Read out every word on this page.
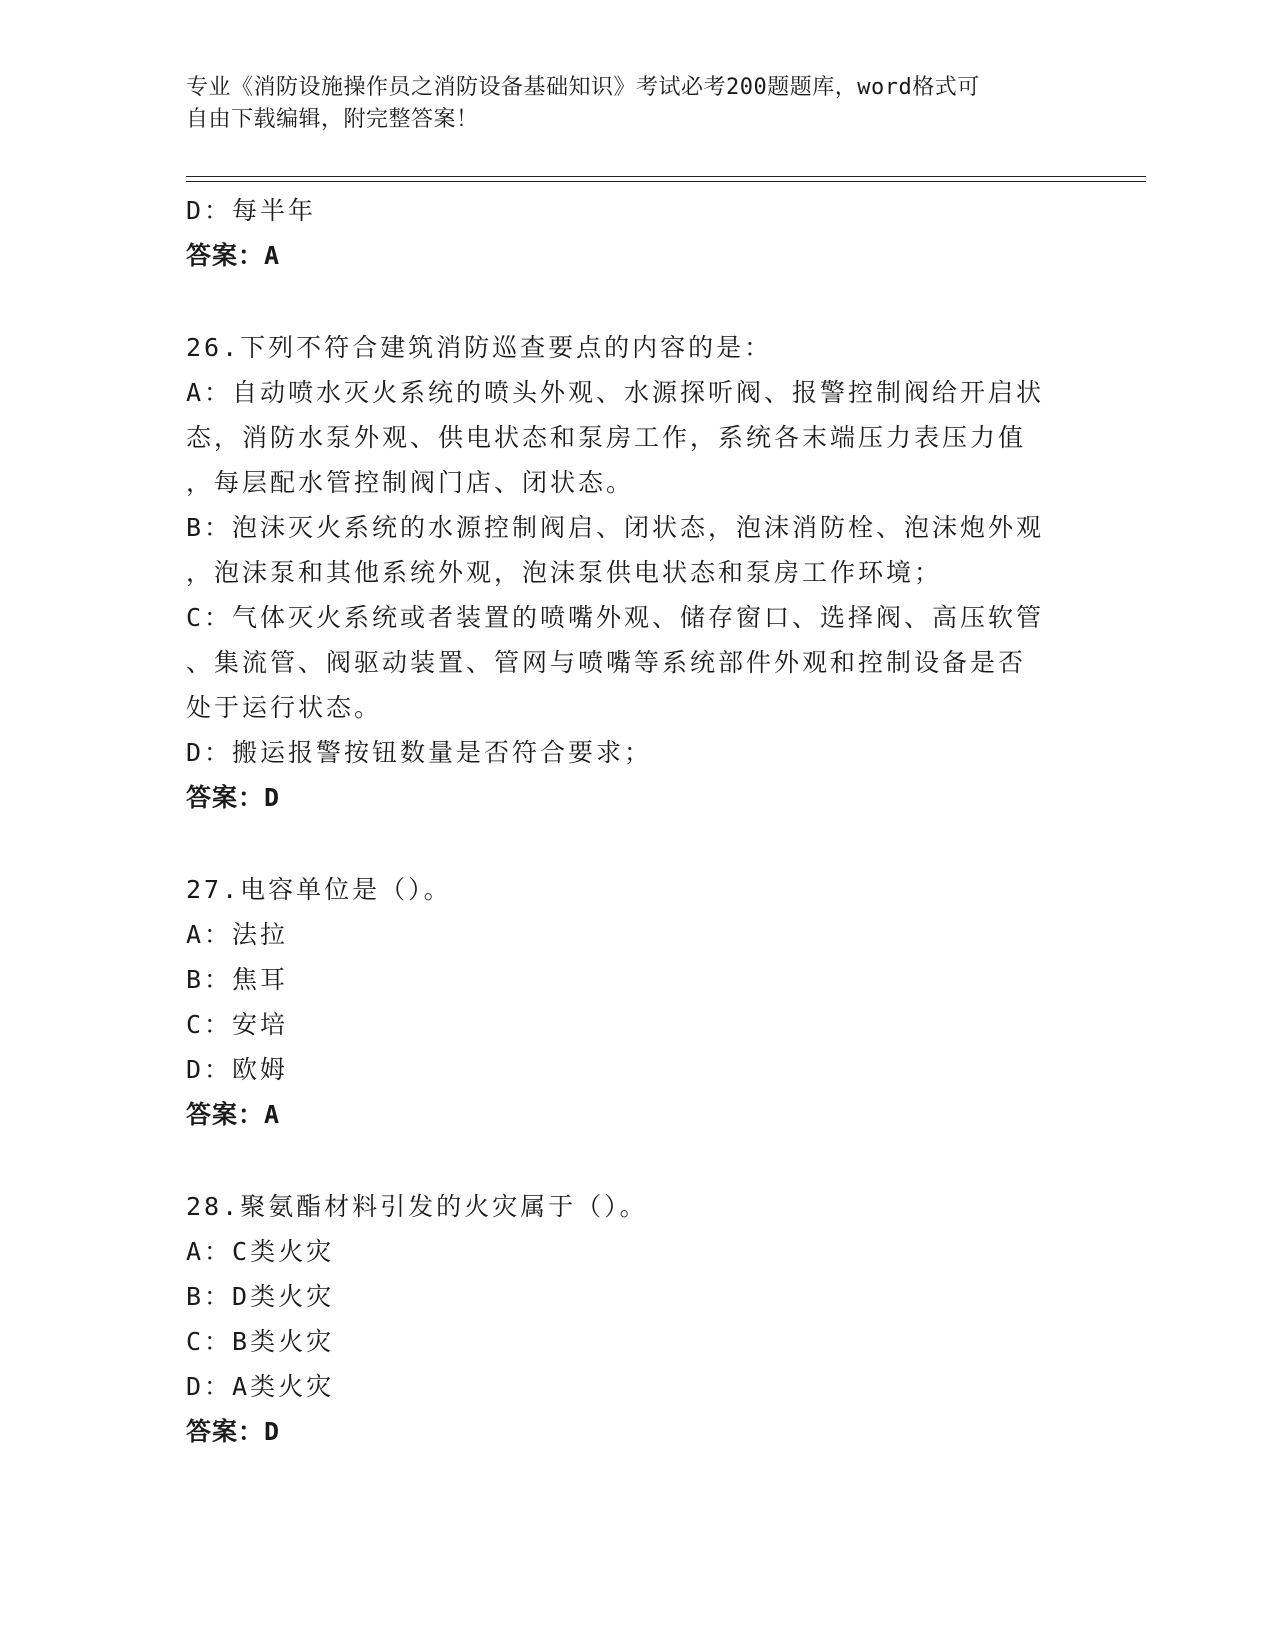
专业《消防设施操作员之消防设备基础知识》考试必考200题题库，word格式可
自由下载编辑，附完整答案！
D：每半年
答案：A
26.下列不符合建筑消防巡查要点的内容的是：
A：自动喷水灭火系统的喷头外观、水源探听阀、报警控制阀给开启状
态，消防水泵外观、供电状态和泵房工作，系统各末端压力表压力值
，每层配水管控制阀门店、闭状态。
B：泡沫灭火系统的水源控制阀启、闭状态，泡沫消防栓、泡沫炮外观
，泡沫泵和其他系统外观，泡沫泵供电状态和泵房工作环境；
C：气体灭火系统或者装置的喷嘴外观、储存窗口、选择阀、高压软管
、集流管、阀驱动装置、管网与喷嘴等系统部件外观和控制设备是否
处于运行状态。
D：搬运报警按钮数量是否符合要求；
答案：D
27.电容单位是（）。
A：法拉
B：焦耳
C：安培
D：欧姆
答案：A
28.聚氨酯材料引发的火灾属于（）。
A：C类火灾
B：D类火灾
C：B类火灾
D：A类火灾
答案：D
